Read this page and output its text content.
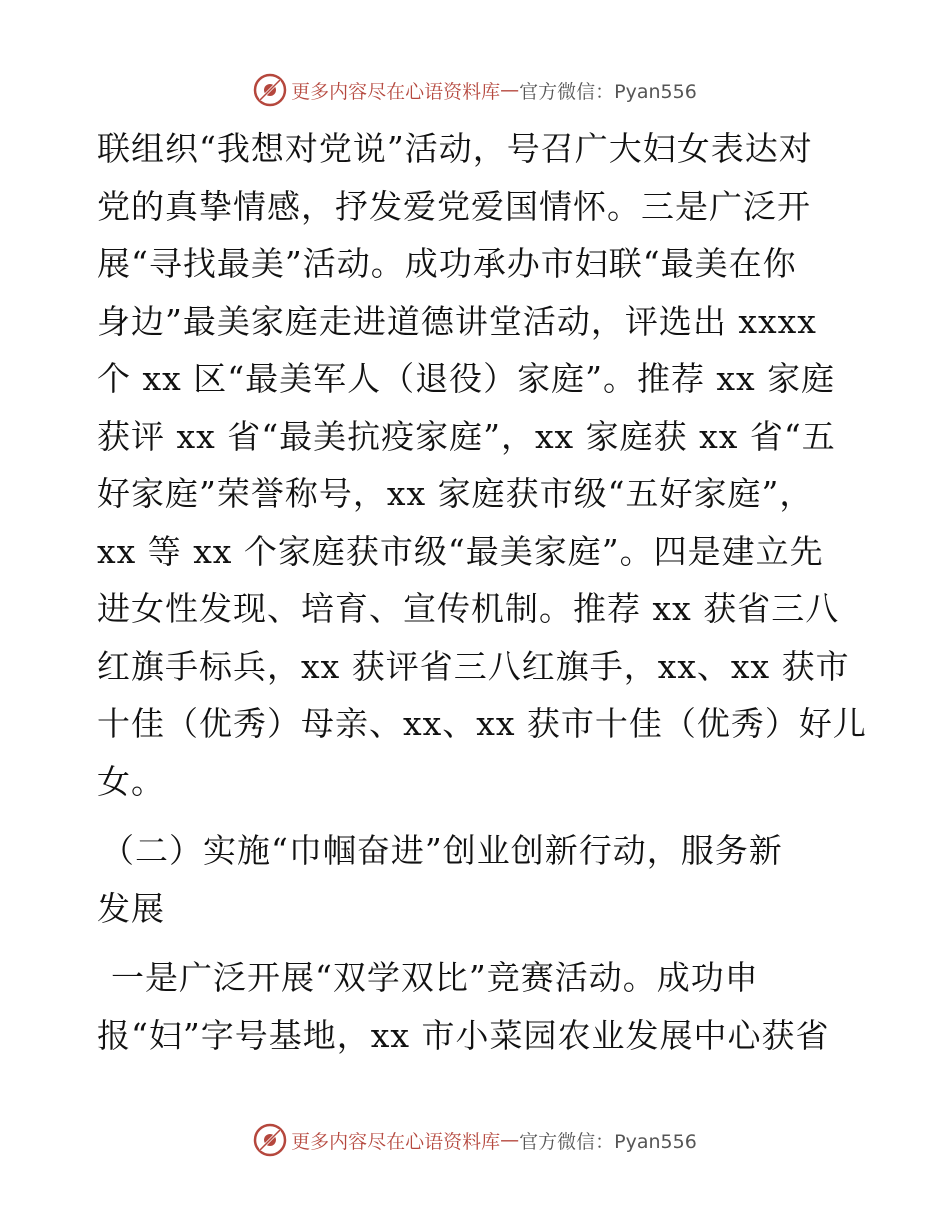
更多内容尽在心语资料库 — 官方微信：Pyan556
联组织“我想对党说”活动，号召广大妇女表达对
党的真挚情感，抒发爱党爱国情怀。三是广泛开
展“寻找最美”活动。成功承办市妇联“最美在你
身边”最美家庭走进道德讲堂活动，评选出 xxxx
个 xx 区“最美军人（退役）家庭”。推荐 xx 家庭
获评 xx 省“最美抗疫家庭”，xx 家庭获 xx 省“五
好家庭”荣誉称号，xx 家庭获市级“五好家庭”，
xx 等 xx 个家庭获市级“最美家庭”。四是建立先
进女性发现、培育、宣传机制。推荐 xx 获省三八
红旗手标兵，xx 获评省三八红旗手，xx、xx 获市
十佳（优秀）母亲、xx、xx 获市十佳（优秀）好儿
女。
（二）实施“巾帼奋进”创业创新行动，服务新
发展
一是广泛开展“双学双比”竞赛活动。成功申
报“妇”字号基地，xx 市小菜园农业发展中心获省
更多内容尽在心语资料库 — 官方微信：Pyan556
